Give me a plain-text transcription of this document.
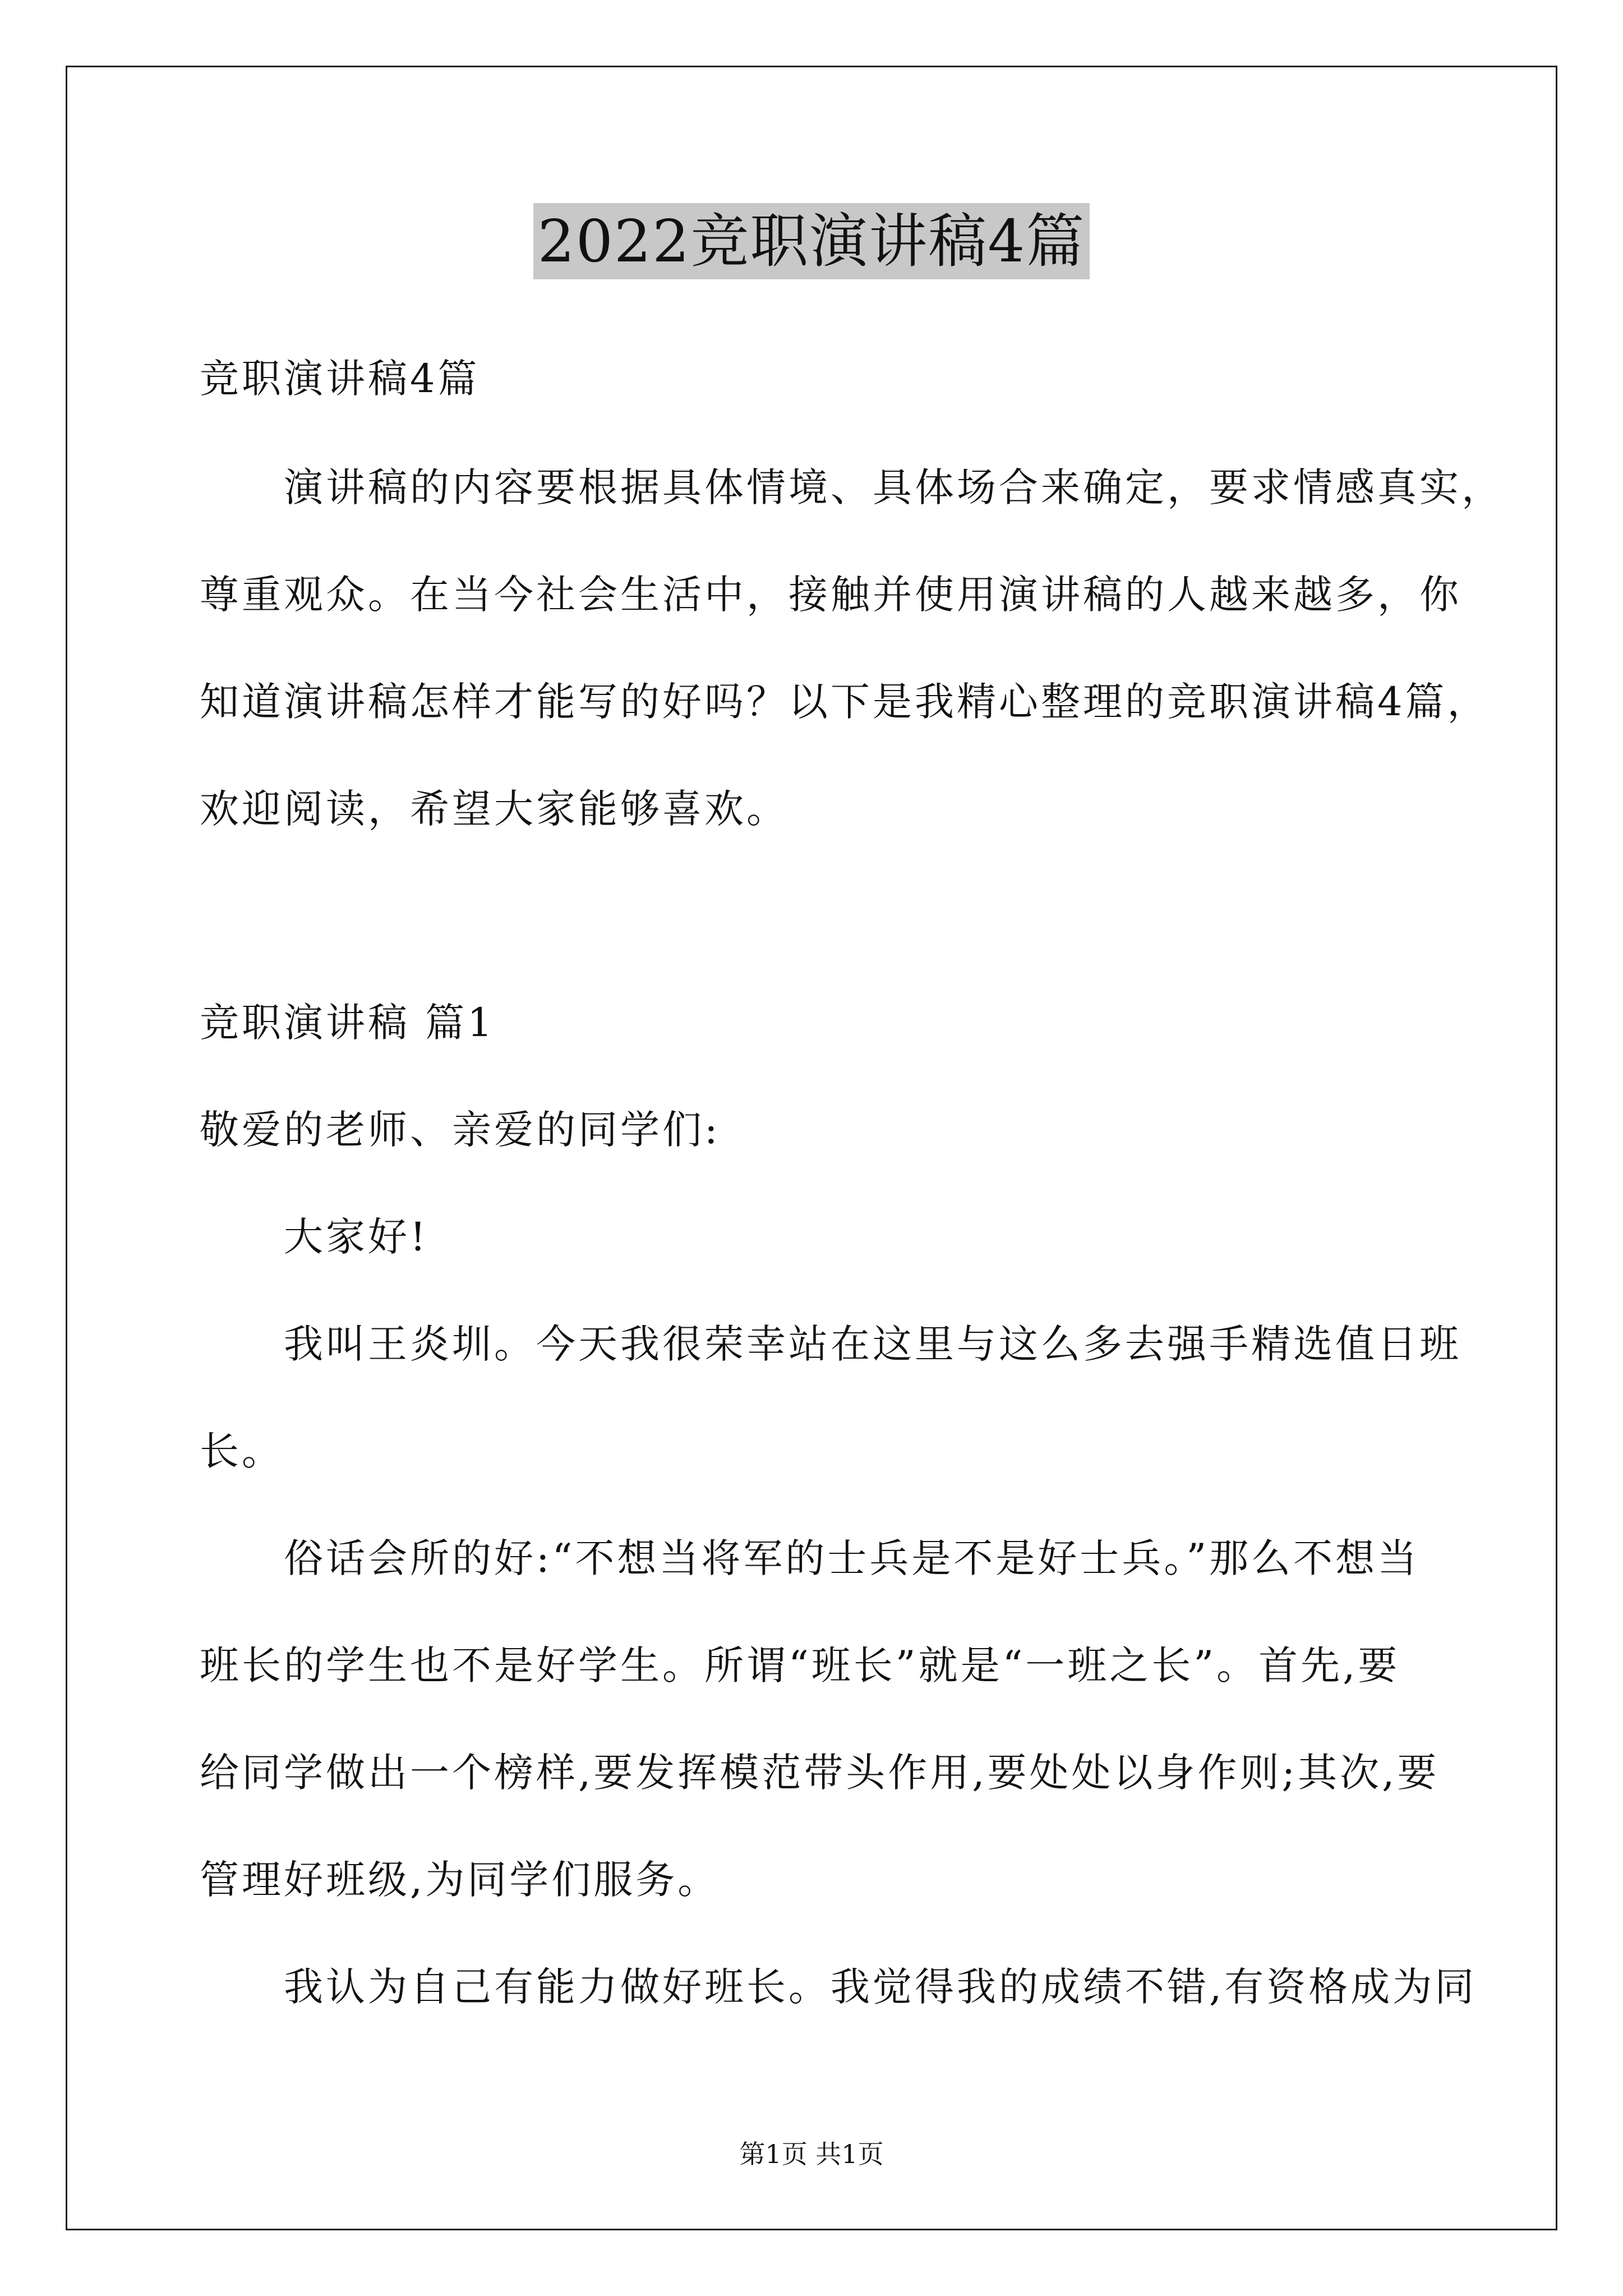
2022竞职演讲稿4篇
竞职演讲稿4篇
演讲稿的内容要根据具体情境、具体场合来确定，要求情感真实，
尊重观众。在当今社会生活中，接触并使用演讲稿的人越来越多，你
知道演讲稿怎样才能写的好吗？以下是我精心整理的竞职演讲稿4篇，
欢迎阅读，希望大家能够喜欢。
竞职演讲稿 篇1
敬爱的老师、亲爱的同学们:
大家好!
我叫王炎圳。今天我很荣幸站在这里与这么多去强手精选值日班
长。
俗话会所的好:“不想当将军的士兵是不是好士兵。”那么不想当
班长的学生也不是好学生。所谓“班长”就是“一班之长”。首先,要
给同学做出一个榜样,要发挥模范带头作用,要处处以身作则;其次,要
管理好班级,为同学们服务。
我认为自己有能力做好班长。我觉得我的成绩不错,有资格成为同
第1页 共1页
